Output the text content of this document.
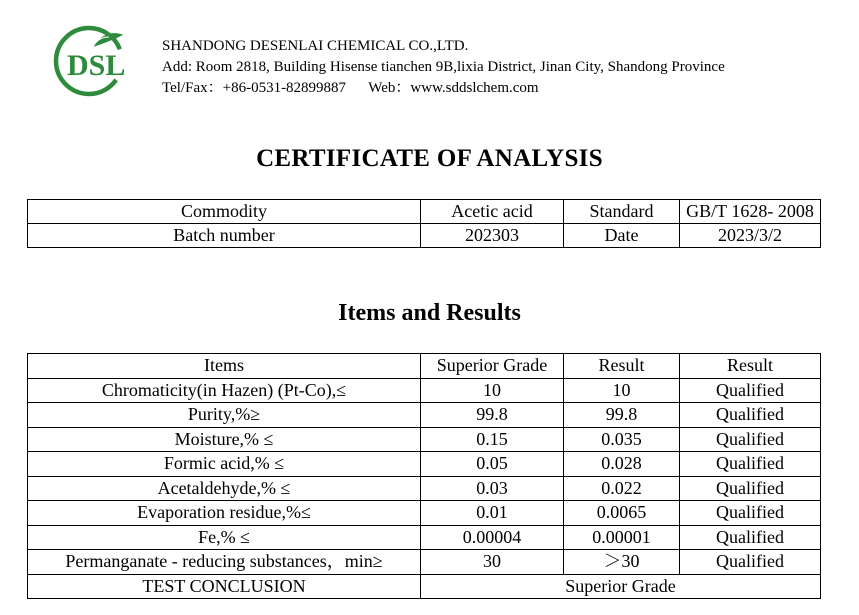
DSL
SHANDONG DESENLAI CHEMICAL CO.,LTD.
Add: Room 2818, Building Hisense tianchen 9B,lixia District, Jinan City, Shandong Province
Tel/Fax：+86-0531-82899887      Web：www.sddslchem.com
CERTIFICATE OF ANALYSIS
Commodity	Acetic acid	Standard	GB/T 1628- 2008
Batch number	202303	Date	2023/3/2
Items and Results
Items	Superior Grade	Result	Result
Chromaticity(in Hazen) (Pt-Co),≤	10	10	Qualified
Purity,%≥	99.8	99.8	Qualified
Moisture,% ≤	0.15	0.035	Qualified
Formic acid,% ≤	0.05	0.028	Qualified
Acetaldehyde,% ≤	0.03	0.022	Qualified
Evaporation residue,%≤	0.01	0.0065	Qualified
Fe,% ≤	0.00004	0.00001	Qualified
Permanganate - reducing substances，min≥	30	＞30	Qualified
TEST CONCLUSION	Superior Grade		
